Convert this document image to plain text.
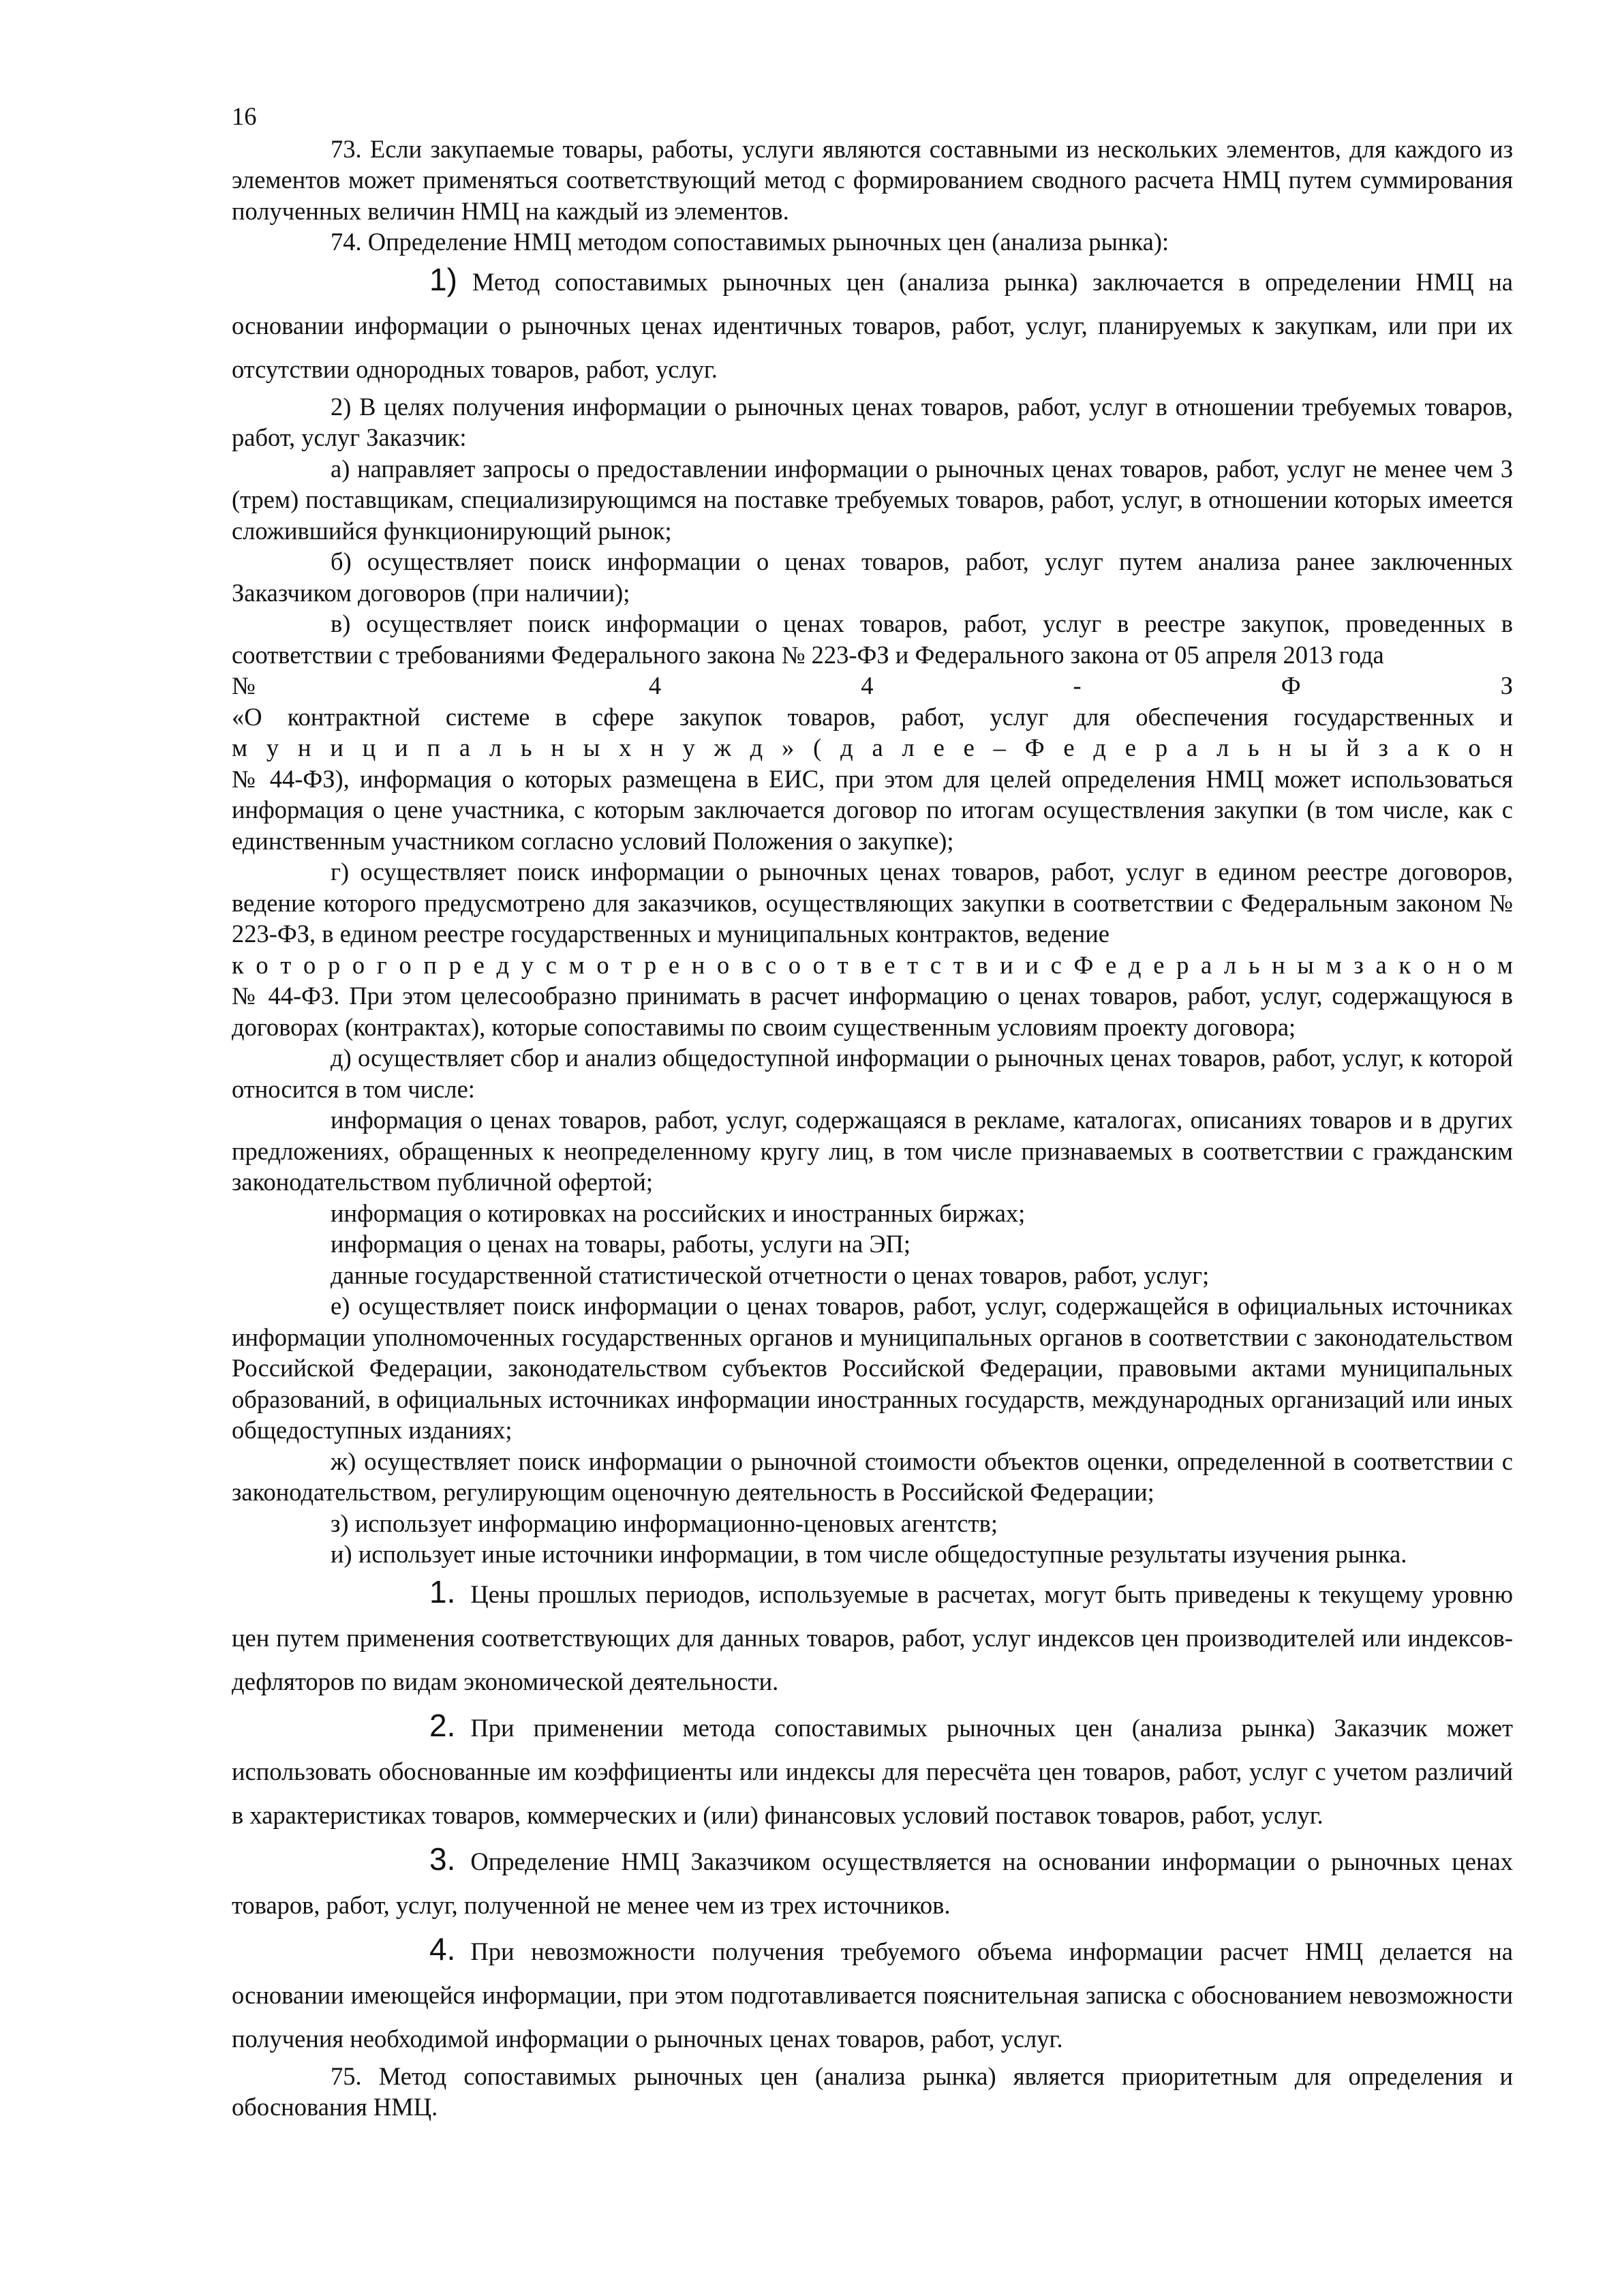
16

73. Если закупаемые товары, работы, услуги являются составными из нескольких элементов, для каждого из элементов может применяться соответствующий метод с формированием сводного расчета НМЦ путем суммирования полученных величин НМЦ на каждый из элементов.

74. Определение НМЦ методом сопоставимых рыночных цен (анализа рынка):

1) Метод сопоставимых рыночных цен (анализа рынка) заключается в определении НМЦ на основании информации о рыночных ценах идентичных товаров, работ, услуг, планируемых к закупкам, или при их отсутствии однородных товаров, работ, услуг.

2) В целях получения информации о рыночных ценах товаров, работ, услуг в отношении требуемых товаров, работ, услуг Заказчик:

а) направляет запросы о предоставлении информации о рыночных ценах товаров, работ, услуг не менее чем 3 (трем) поставщикам, специализирующимся на поставке требуемых товаров, работ, услуг, в отношении которых имеется сложившийся функционирующий рынок;

б) осуществляет поиск информации о ценах товаров, работ, услуг путем анализа ранее заключенных Заказчиком договоров (при наличии);

в) осуществляет поиск информации о ценах товаров, работ, услуг в реестре закупок, проведенных в соответствии с требованиями Федерального закона № 223-ФЗ и Федерального закона от 05 апреля 2013 года

№ 4 4 - Ф З

«О контрактной системе в сфере закупок товаров, работ, услуг для обеспечения государственных и

м у н и ц и п а л ь н ы х н у ж д » ( д а л е е – Ф е д е р а л ь н ы й з а к о н

№ 44-ФЗ), информация о которых размещена в ЕИС, при этом для целей определения НМЦ может использоваться информация о цене участника, с которым заключается договор по итогам осуществления закупки (в том числе, как с единственным участником согласно условий Положения о закупке);

г) осуществляет поиск информации о рыночных ценах товаров, работ, услуг в едином реестре договоров, ведение которого предусмотрено для заказчиков, осуществляющих закупки в соответствии с Федеральным законом № 223-ФЗ, в едином реестре государственных и муниципальных контрактов, ведение

к о т о р о г о п р е д у с м о т р е н о в с о о т в е т с т в и и с Ф е д е р а л ь н ы м з а к о н о м

№ 44-ФЗ. При этом целесообразно принимать в расчет информацию о ценах товаров, работ, услуг, содержащуюся в договорах (контрактах), которые сопоставимы по своим существенным условиям проекту договора;

д) осуществляет сбор и анализ общедоступной информации о рыночных ценах товаров, работ, услуг, к которой относится в том числе:

информация о ценах товаров, работ, услуг, содержащаяся в рекламе, каталогах, описаниях товаров и в других предложениях, обращенных к неопределенному кругу лиц, в том числе признаваемых в соответствии с гражданским законодательством публичной офертой;

информация о котировках на российских и иностранных биржах;

информация о ценах на товары, работы, услуги на ЭП;

данные государственной статистической отчетности о ценах товаров, работ, услуг;

е) осуществляет поиск информации о ценах товаров, работ, услуг, содержащейся в официальных источниках информации уполномоченных государственных органов и муниципальных органов в соответствии с законодательством Российской Федерации, законодательством субъектов Российской Федерации, правовыми актами муниципальных образований, в официальных источниках информации иностранных государств, международных организаций или иных общедоступных изданиях;

ж) осуществляет поиск информации о рыночной стоимости объектов оценки, определенной в соответствии с законодательством, регулирующим оценочную деятельность в Российской Федерации;

з) использует информацию информационно-ценовых агентств;

и) использует иные источники информации, в том числе общедоступные результаты изучения рынка.

1. Цены прошлых периодов, используемые в расчетах, могут быть приведены к текущему уровню цен путем применения соответствующих для данных товаров, работ, услуг индексов цен производителей или индексов-дефляторов по видам экономической деятельности.

2. При применении метода сопоставимых рыночных цен (анализа рынка) Заказчик может использовать обоснованные им коэффициенты или индексы для пересчёта цен товаров, работ, услуг с учетом различий в характеристиках товаров, коммерческих и (или) финансовых условий поставок товаров, работ, услуг.

3. Определение НМЦ Заказчиком осуществляется на основании информации о рыночных ценах товаров, работ, услуг, полученной не менее чем из трех источников.

4. При невозможности получения требуемого объема информации расчет НМЦ делается на основании имеющейся информации, при этом подготавливается пояснительная записка с обоснованием невозможности получения необходимой информации о рыночных ценах товаров, работ, услуг.

75. Метод сопоставимых рыночных цен (анализа рынка) является приоритетным для определения и обоснования НМЦ.
